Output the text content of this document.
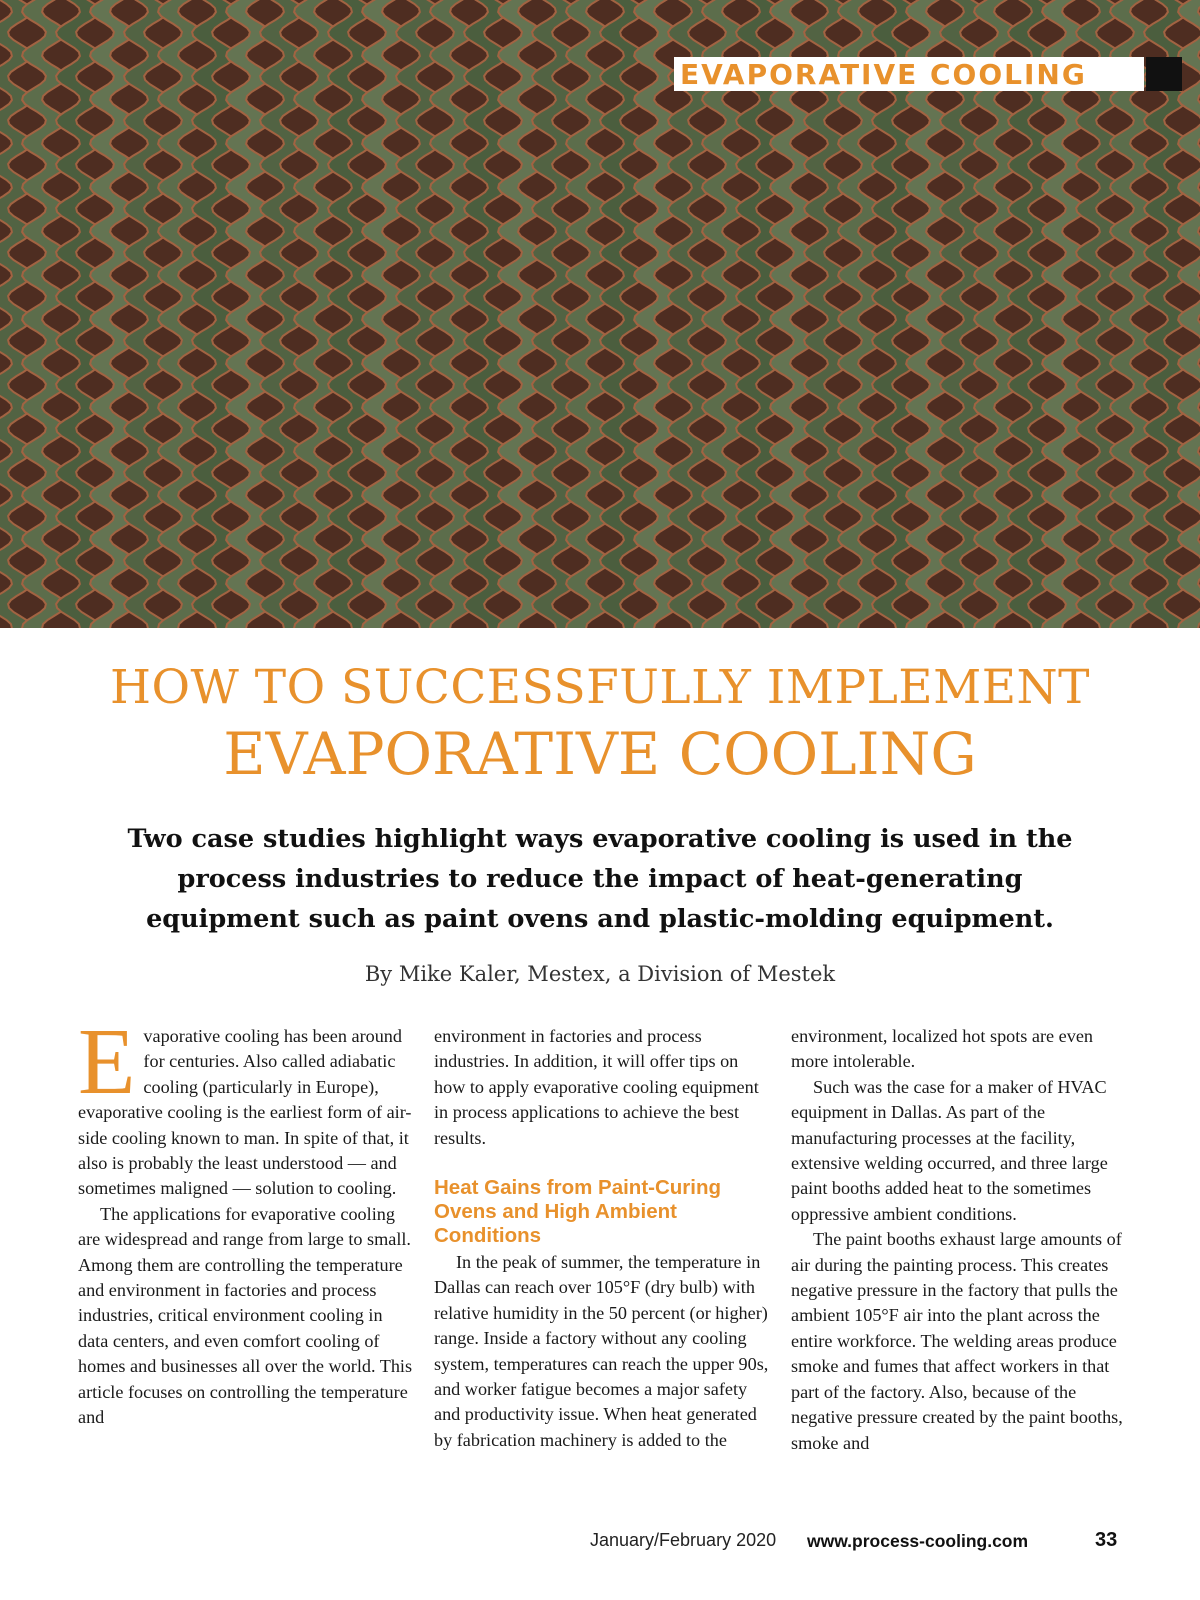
EVAPORATIVE COOLING
HOW TO SUCCESSFULLY IMPLEMENT
EVAPORATIVE COOLING
Two case studies highlight ways evaporative cooling is used in the process industries to reduce the impact of heat-generating equipment such as paint ovens and plastic-molding equipment.
By Mike Kaler, Mestex, a Division of Mestek

Evaporative cooling has been around for centuries. Also called adiabatic cooling (particularly in Europe), evaporative cooling is the earliest form of air-side cooling known to man. In spite of that, it also is probably the least understood — and sometimes maligned — solution to cooling.

The applications for evaporative cooling are widespread and range from large to small. Among them are controlling the temperature and environment in factories and process industries, critical environment cooling in data centers, and even comfort cooling of homes and businesses all over the world. This article focuses on controlling the temperature and

environment in factories and process industries. In addition, it will offer tips on how to apply evaporative cooling equipment in process applications to achieve the best results.

Heat Gains from Paint-Curing Ovens and High Ambient Conditions

In the peak of summer, the temperature in Dallas can reach over 105°F (dry bulb) with relative humidity in the 50 percent (or higher) range. Inside a factory without any cooling system, temperatures can reach the upper 90s, and worker fatigue becomes a major safety and productivity issue. When heat generated by fabrication machinery is added to the

environment, localized hot spots are even more intolerable.

Such was the case for a maker of HVAC equipment in Dallas. As part of the manufacturing processes at the facility, extensive welding occurred, and three large paint booths added heat to the sometimes oppressive ambient conditions.

The paint booths exhaust large amounts of air during the painting process. This creates negative pressure in the factory that pulls the ambient 105°F air into the plant across the entire workforce. The welding areas produce smoke and fumes that affect workers in that part of the factory. Also, because of the negative pressure created by the paint booths, smoke and

January/February 2020 www.process-cooling.com	33
